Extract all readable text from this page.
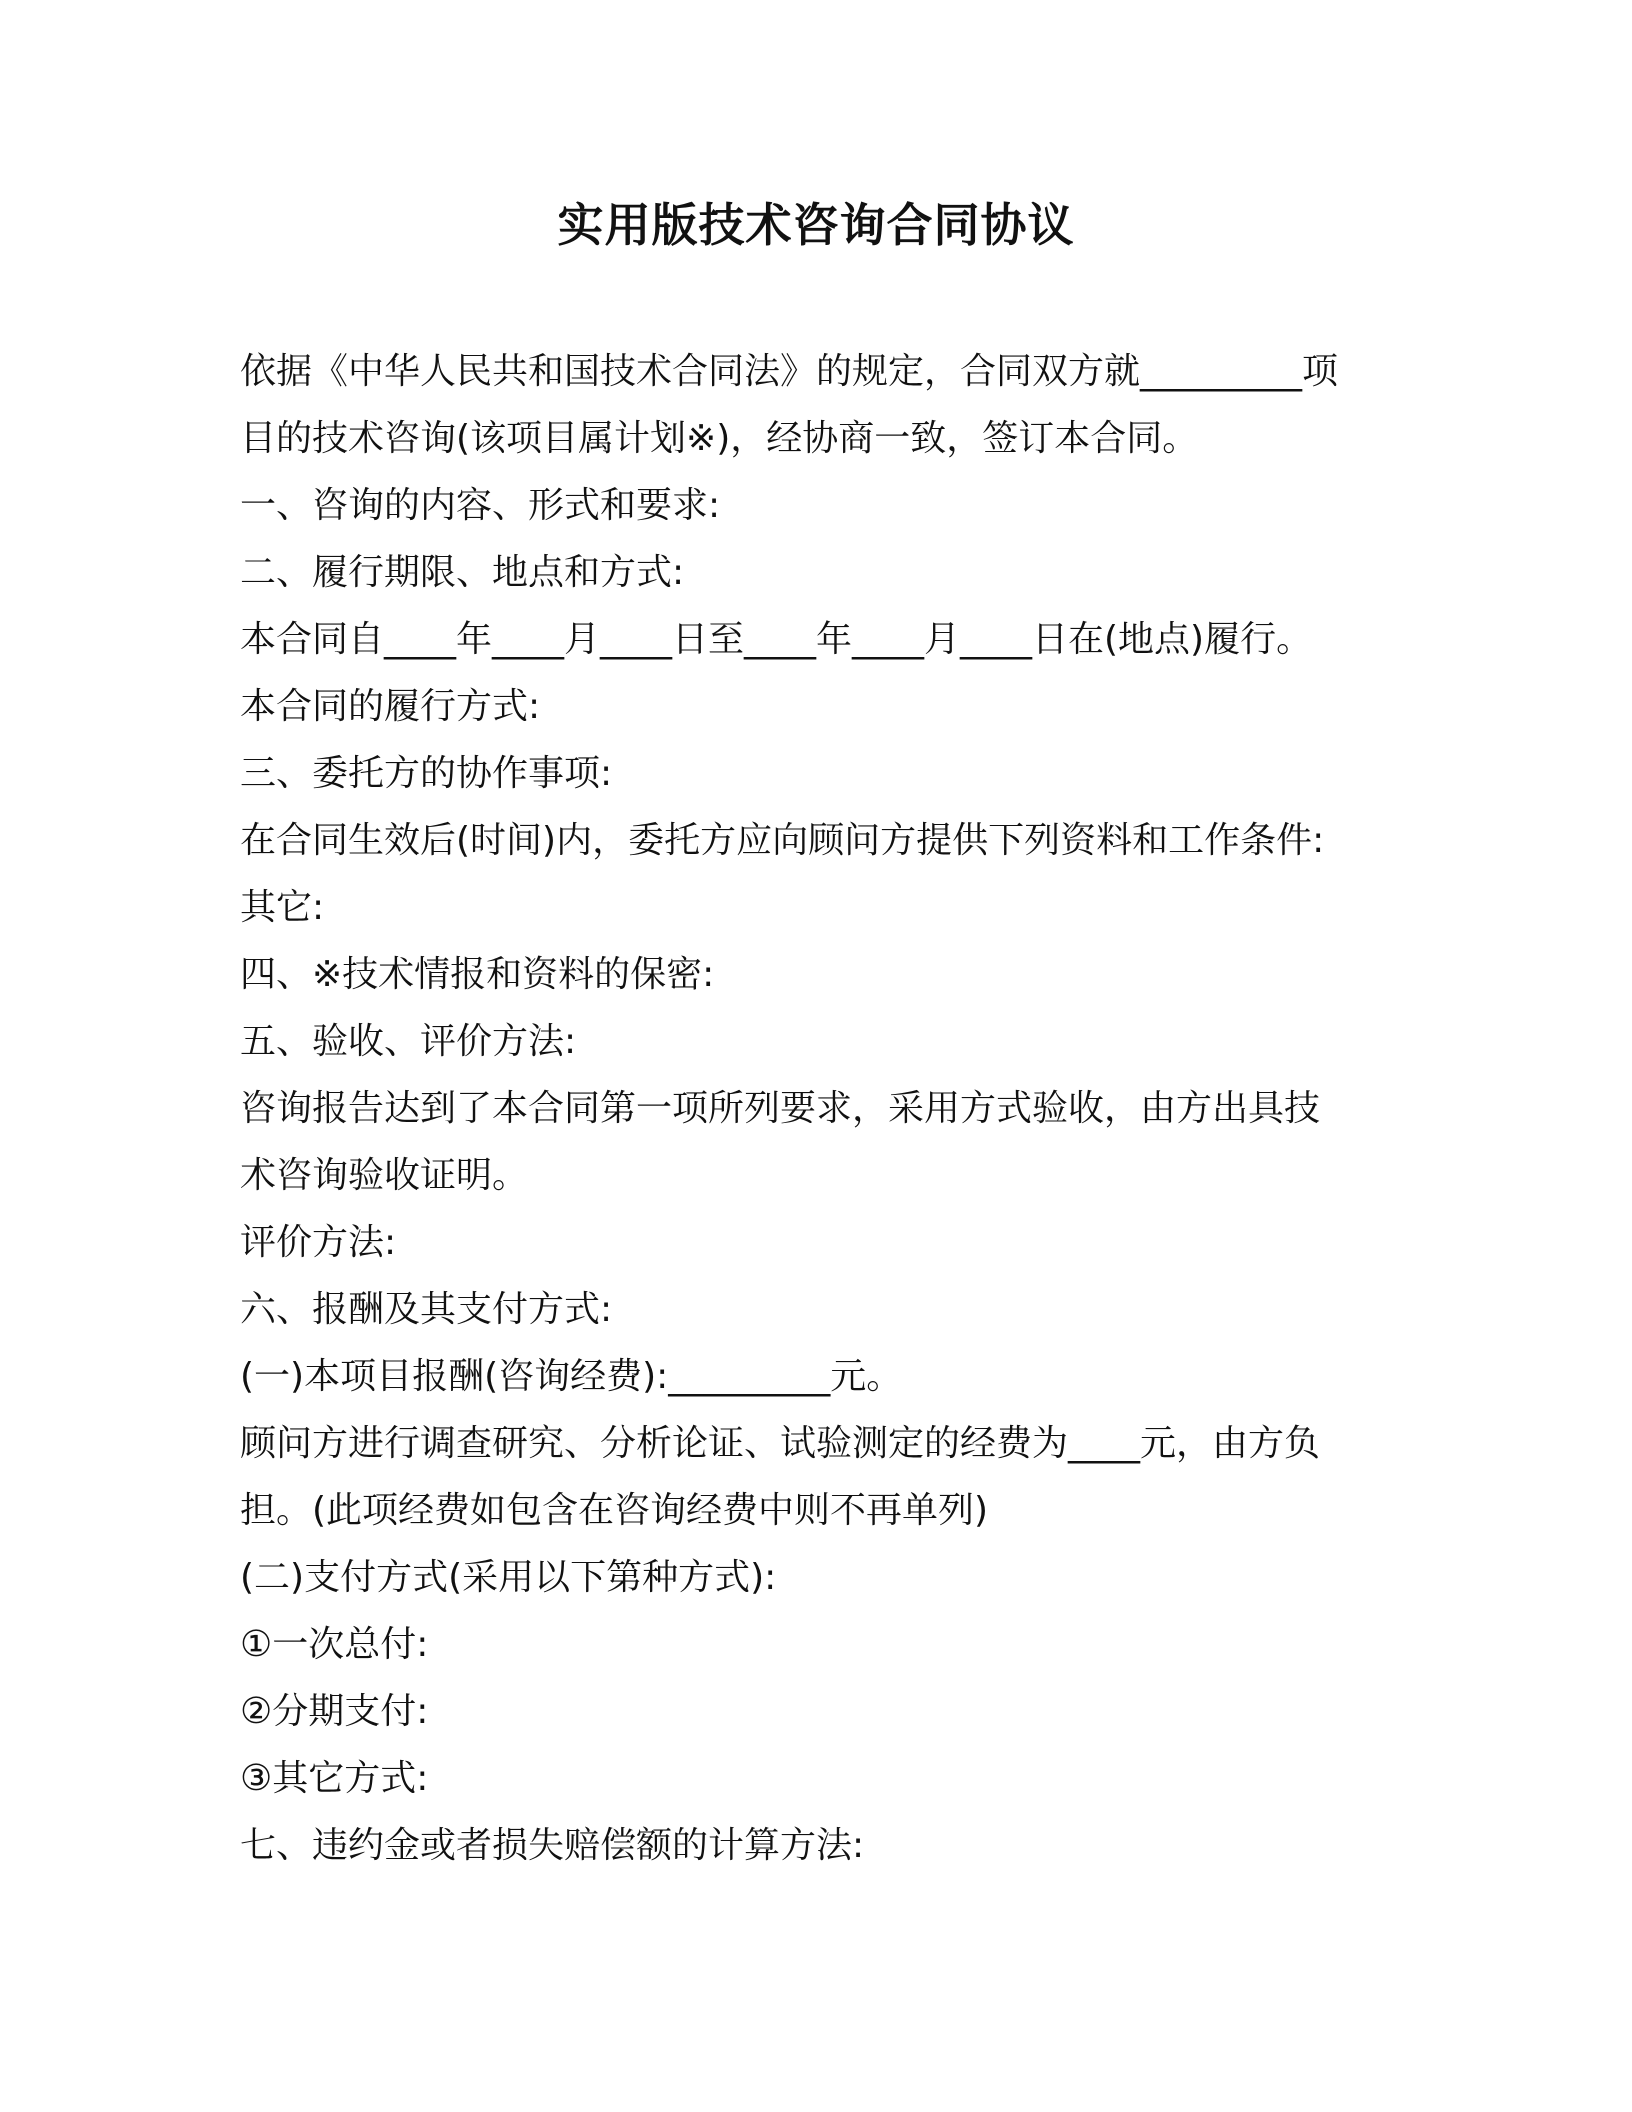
实用版技术咨询合同协议
依据《中华人民共和国技术合同法》的规定，合同双方就_________项
目的技术咨询(该项目属计划※)，经协商一致，签订本合同。
一、咨询的内容、形式和要求:
二、履行期限、地点和方式:
本合同自____年____月____日至____年____月____日在(地点)履行。
本合同的履行方式:
三、委托方的协作事项:
在合同生效后(时间)内，委托方应向顾问方提供下列资料和工作条件:
其它:
四、※技术情报和资料的保密:
五、验收、评价方法:
咨询报告达到了本合同第一项所列要求，采用方式验收，由方出具技
术咨询验收证明。
评价方法:
六、报酬及其支付方式:
(一)本项目报酬(咨询经费):_________元。
顾问方进行调查研究、分析论证、试验测定的经费为____元，由方负
担。(此项经费如包含在咨询经费中则不再单列)
(二)支付方式(采用以下第种方式):
①一次总付:
②分期支付:
③其它方式:
七、违约金或者损失赔偿额的计算方法:
